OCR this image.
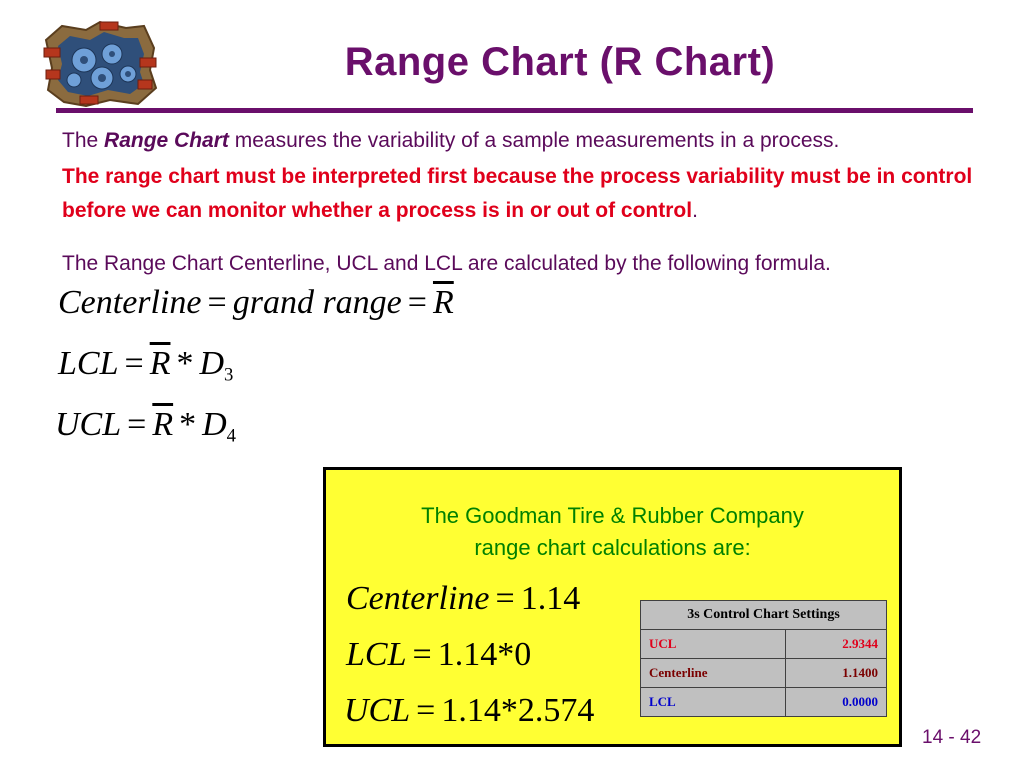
Range Chart (R Chart)
The Range Chart measures the variability of a sample measurements in a process.
The range chart must be interpreted first because the process variability must be in control before we can monitor whether a process is in or out of control.
The Range Chart Centerline, UCL and LCL are calculated by the following formula.
Centerline = grand range = $\overline{R}$
LCL = $\overline{R} * D_3$
UCL = $\overline{R} * D_4$
The Goodman Tire & Rubber Company
range chart calculations are:
Centerline = 1.14
LCL = 1.14*0
UCL = 1.14*2.574
3s Control Chart Settings	
UCL	2.9344
Centerline	1.1400
LCL	0.0000
14 - 42
